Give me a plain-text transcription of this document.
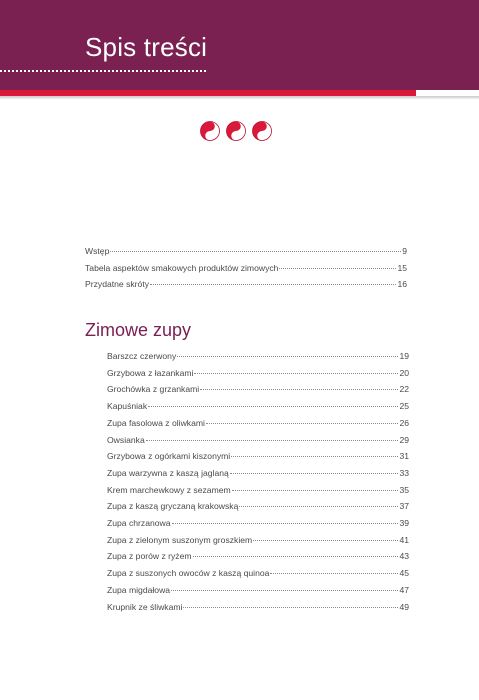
Spis treści
Wstęp	9
Tabela aspektów smakowych produktów zimowych	15
Przydatne skróty	16
Zimowe zupy
Barszcz czerwony	19
Grzybowa z łazankami	20
Grochówka z grzankami	22
Kapuśniak	25
Zupa fasolowa z oliwkami	26
Owsianka	29
Grzybowa z ogórkami kiszonymi	31
Zupa warzywna z kaszą jaglaną	33
Krem marchewkowy z sezamem	35
Zupa z kaszą gryczaną krakowską	37
Zupa chrzanowa	39
Zupa z zielonym suszonym groszkiem	41
Zupa z porów z ryżem	43
Zupa z suszonych owoców z kaszą quinoa	45
Zupa migdałowa	47
Krupnik ze śliwkami	49
